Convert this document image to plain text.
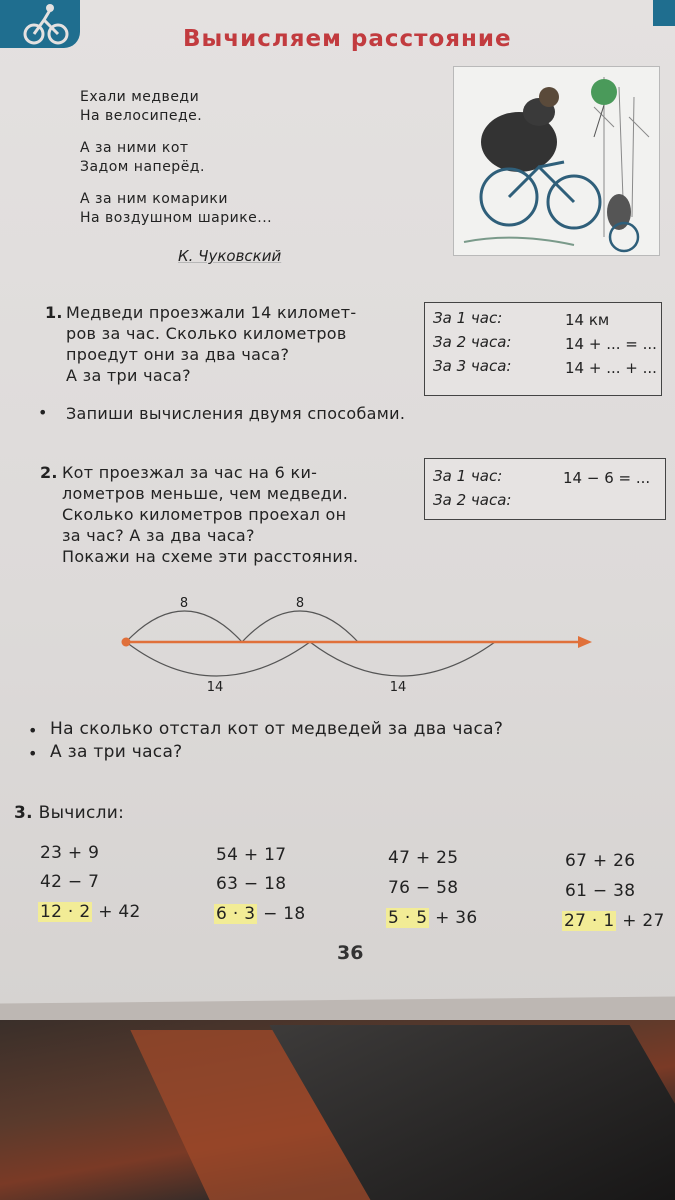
Вычисляем расстояние
Ехали медведи
На велосипеде.
А за ними кот
Задом наперёд.
А за ним комарики
На воздушном шарике...
К. Чуковский
1. Медведи проезжали 14 километ-
ров за час. Сколько километров
проедут они за два часа?
А за три часа?
За 1 час:	14 км
За 2 часа:	14 + ... = ...
За 3 часа:	14 + ... + ...
• Запиши вычисления двумя способами.
2. Кот проезжал за час на 6 ки-
лометров меньше, чем медведи.
Сколько километров проехал он
за час? А за два часа?
Покажи на схеме эти расстояния.
За 1 час:	14 − 6 = ...
За 2 часа:
8	8
14	14
• На сколько отстал кот от медведей за два часа?
• А за три часа?
3. Вычисли:
23 + 9
42 − 7
12 · 2 + 42
54 + 17
63 − 18
6 · 3 − 18
47 + 25
76 − 58
5 · 5 + 36
67 + 26
61 − 38
27 · 1 + 27
36
